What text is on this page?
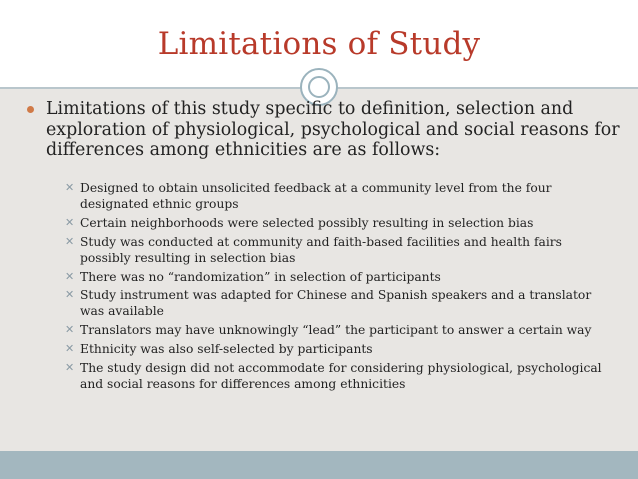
Limitations of Study
Limitations of this study specific to definition, selection and exploration of physiological, psychological and social reasons for differences among ethnicities are as follows:
✕ Designed to obtain unsolicited feedback at a community level from the four designated ethnic groups
✕ Certain neighborhoods were selected possibly resulting in selection bias
✕ Study was conducted at community and faith-based facilities and health fairs possibly resulting in selection bias
✕ There was no “randomization” in selection of participants
✕ Study instrument was adapted for Chinese and Spanish speakers and a translator was available
✕ Translators may have unknowingly “lead” the participant to answer a certain way
✕ Ethnicity was also self-selected by participants
✕ The study design did not accommodate for considering physiological, psychological and social reasons for differences among ethnicities
